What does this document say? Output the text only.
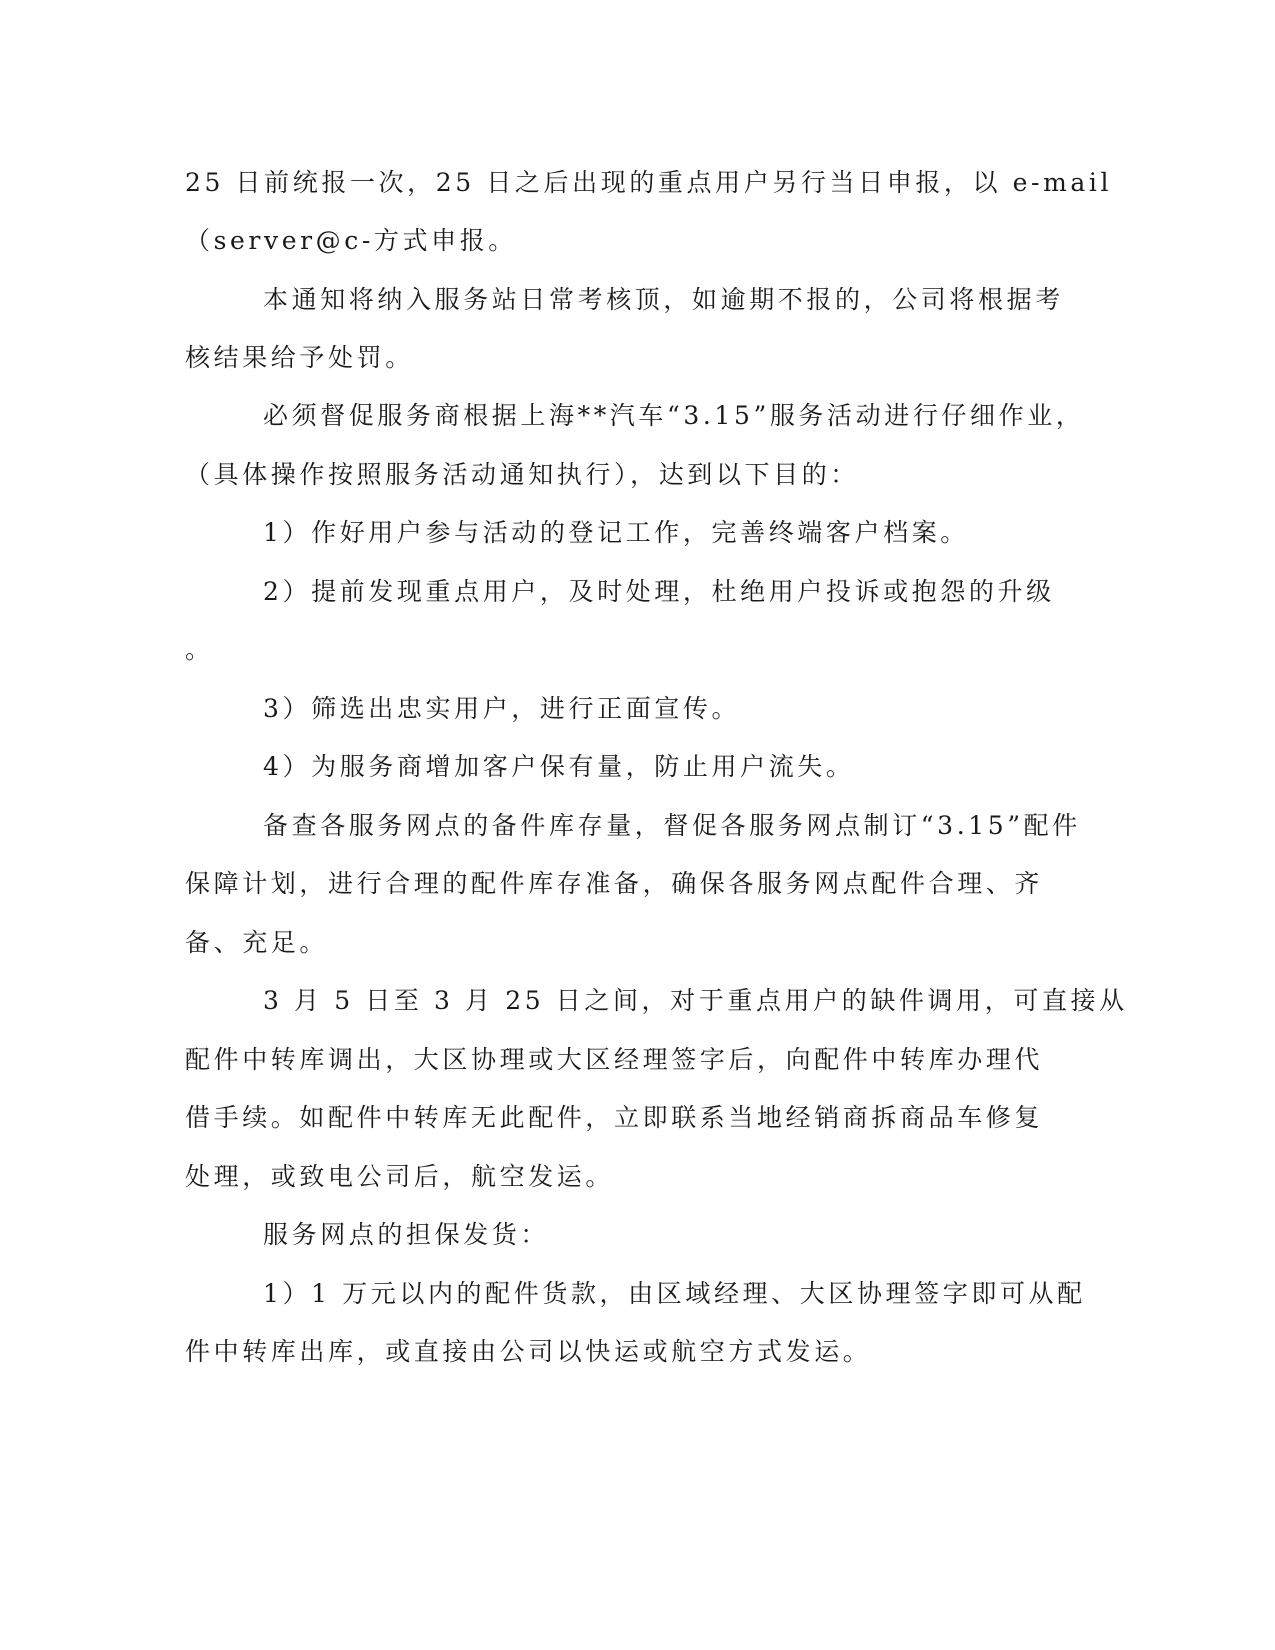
25 日前统报一次，25 日之后出现的重点用户另行当日申报，以 e-mail
（server@c-方式申报。
本通知将纳入服务站日常考核顶，如逾期不报的，公司将根据考
核结果给予处罚。
必须督促服务商根据上海**汽车“3.15”服务活动进行仔细作业，
（具体操作按照服务活动通知执行），达到以下目的：
1）作好用户参与活动的登记工作，完善终端客户档案。
2）提前发现重点用户，及时处理，杜绝用户投诉或抱怨的升级
。
3）筛选出忠实用户，进行正面宣传。
4）为服务商增加客户保有量，防止用户流失。
备查各服务网点的备件库存量，督促各服务网点制订“3.15”配件
保障计划，进行合理的配件库存准备，确保各服务网点配件合理、齐
备、充足。
3 月 5 日至 3 月 25 日之间，对于重点用户的缺件调用，可直接从
配件中转库调出，大区协理或大区经理签字后，向配件中转库办理代
借手续。如配件中转库无此配件，立即联系当地经销商拆商品车修复
处理，或致电公司后，航空发运。
服务网点的担保发货：
1）1 万元以内的配件货款，由区域经理、大区协理签字即可从配
件中转库出库，或直接由公司以快运或航空方式发运。
